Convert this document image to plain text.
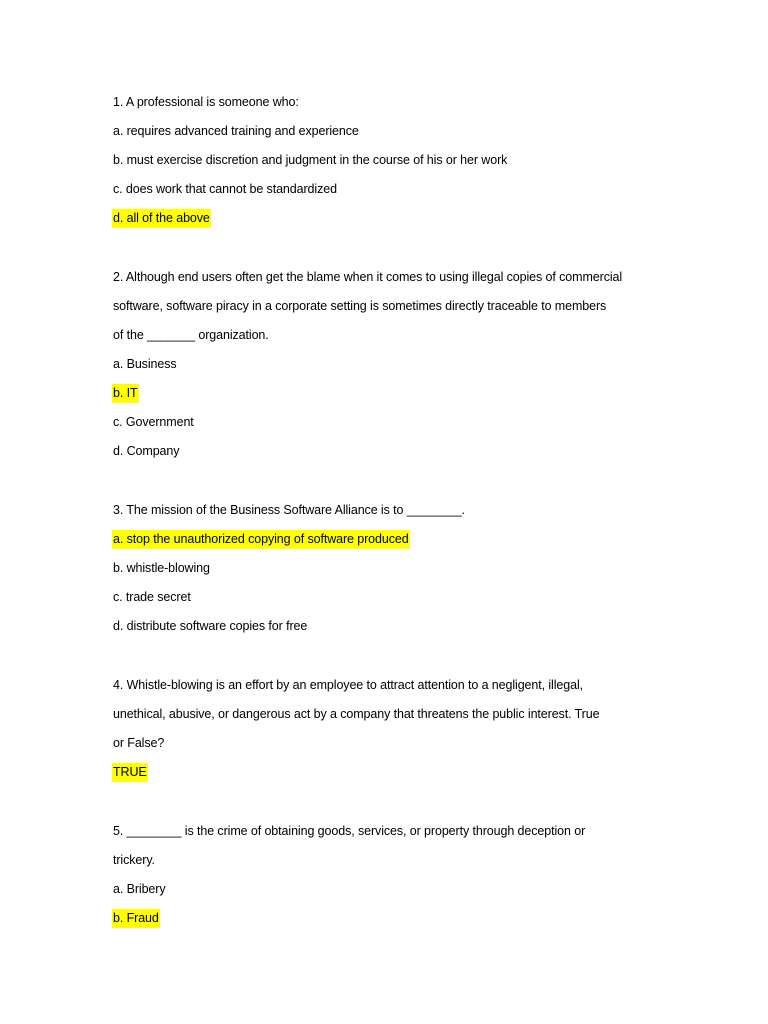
1. A professional is someone who:
a. requires advanced training and experience
b. must exercise discretion and judgment in the course of his or her work
c. does work that cannot be standardized
d. all of the above
2. Although end users often get the blame when it comes to using illegal copies of commercial
software, software piracy in a corporate setting is sometimes directly traceable to members
of the _______ organization.
a. Business
b. IT
c. Government
d. Company
3. The mission of the Business Software Alliance is to ________.
a. stop the unauthorized copying of software produced
b. whistle-blowing
c. trade secret
d. distribute software copies for free
4. Whistle-blowing is an effort by an employee to attract attention to a negligent, illegal,
unethical, abusive, or dangerous act by a company that threatens the public interest. True
or False?
TRUE
5. ________ is the crime of obtaining goods, services, or property through deception or
trickery.
a. Bribery
b. Fraud
